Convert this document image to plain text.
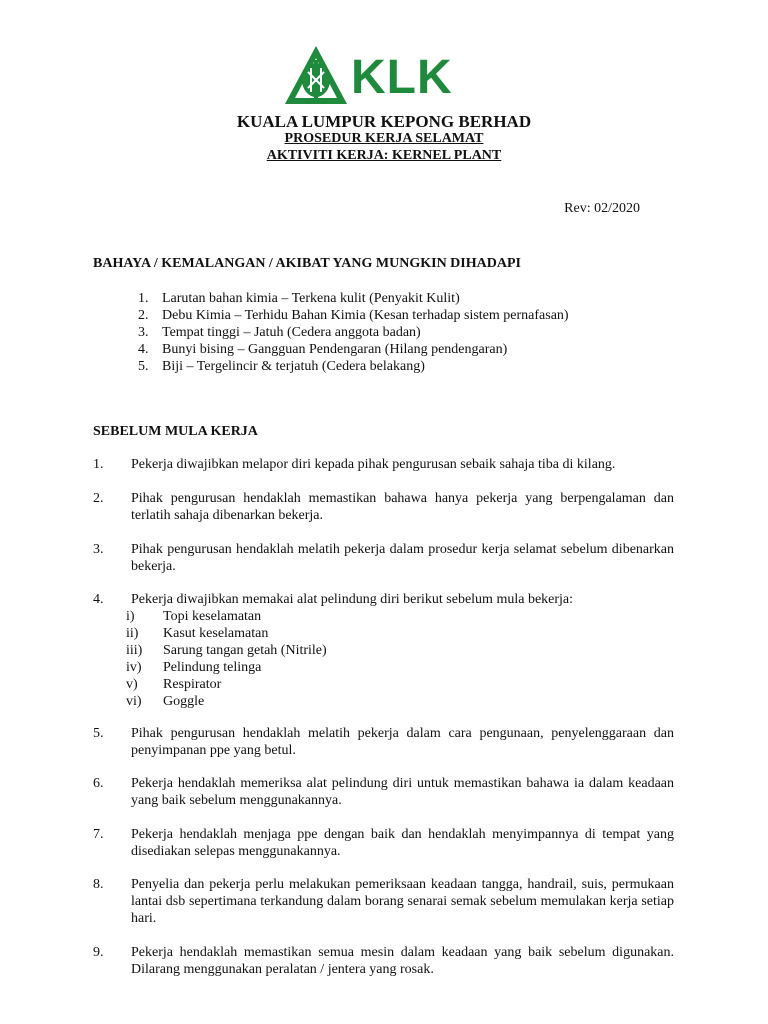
KLK
KUALA LUMPUR KEPONG BERHAD
PROSEDUR KERJA SELAMAT
AKTIVITI KERJA: KERNEL PLANT
Rev: 02/2020
BAHAYA / KEMALANGAN / AKIBAT YANG MUNGKIN DIHADAPI
1. Larutan bahan kimia – Terkena kulit (Penyakit Kulit)
2. Debu Kimia – Terhidu Bahan Kimia (Kesan terhadap sistem pernafasan)
3. Tempat tinggi – Jatuh (Cedera anggota badan)
4. Bunyi bising – Gangguan Pendengaran (Hilang pendengaran)
5. Biji – Tergelincir & terjatuh (Cedera belakang)
SEBELUM MULA KERJA
1.	Pekerja diwajibkan melapor diri kepada pihak pengurusan sebaik sahaja tiba di kilang.
2.	Pihak pengurusan hendaklah memastikan bahawa hanya pekerja yang berpengalaman dan terlatih sahaja dibenarkan bekerja.
3.	Pihak pengurusan hendaklah melatih pekerja dalam prosedur kerja selamat sebelum dibenarkan bekerja.
4.	Pekerja diwajibkan memakai alat pelindung diri berikut sebelum mula bekerja:
i)	Topi keselamatan
ii)	Kasut keselamatan
iii)	Sarung tangan getah (Nitrile)
iv)	Pelindung telinga
v)	Respirator
vi)	Goggle
5.	Pihak pengurusan hendaklah melatih pekerja dalam cara pengunaan, penyelenggaraan dan penyimpanan ppe yang betul.
6.	Pekerja hendaklah memeriksa alat pelindung diri untuk memastikan bahawa ia dalam keadaan yang baik sebelum menggunakannya.
7.	Pekerja hendaklah menjaga ppe dengan baik dan hendaklah menyimpannya di tempat yang disediakan selepas menggunakannya.
8.	Penyelia dan pekerja perlu melakukan pemeriksaan keadaan tangga, handrail, suis, permukaan lantai dsb sepertimana terkandung dalam borang senarai semak sebelum memulakan kerja setiap hari.
9.	Pekerja hendaklah memastikan semua mesin dalam keadaan yang baik sebelum digunakan. Dilarang menggunakan peralatan / jentera yang rosak.
